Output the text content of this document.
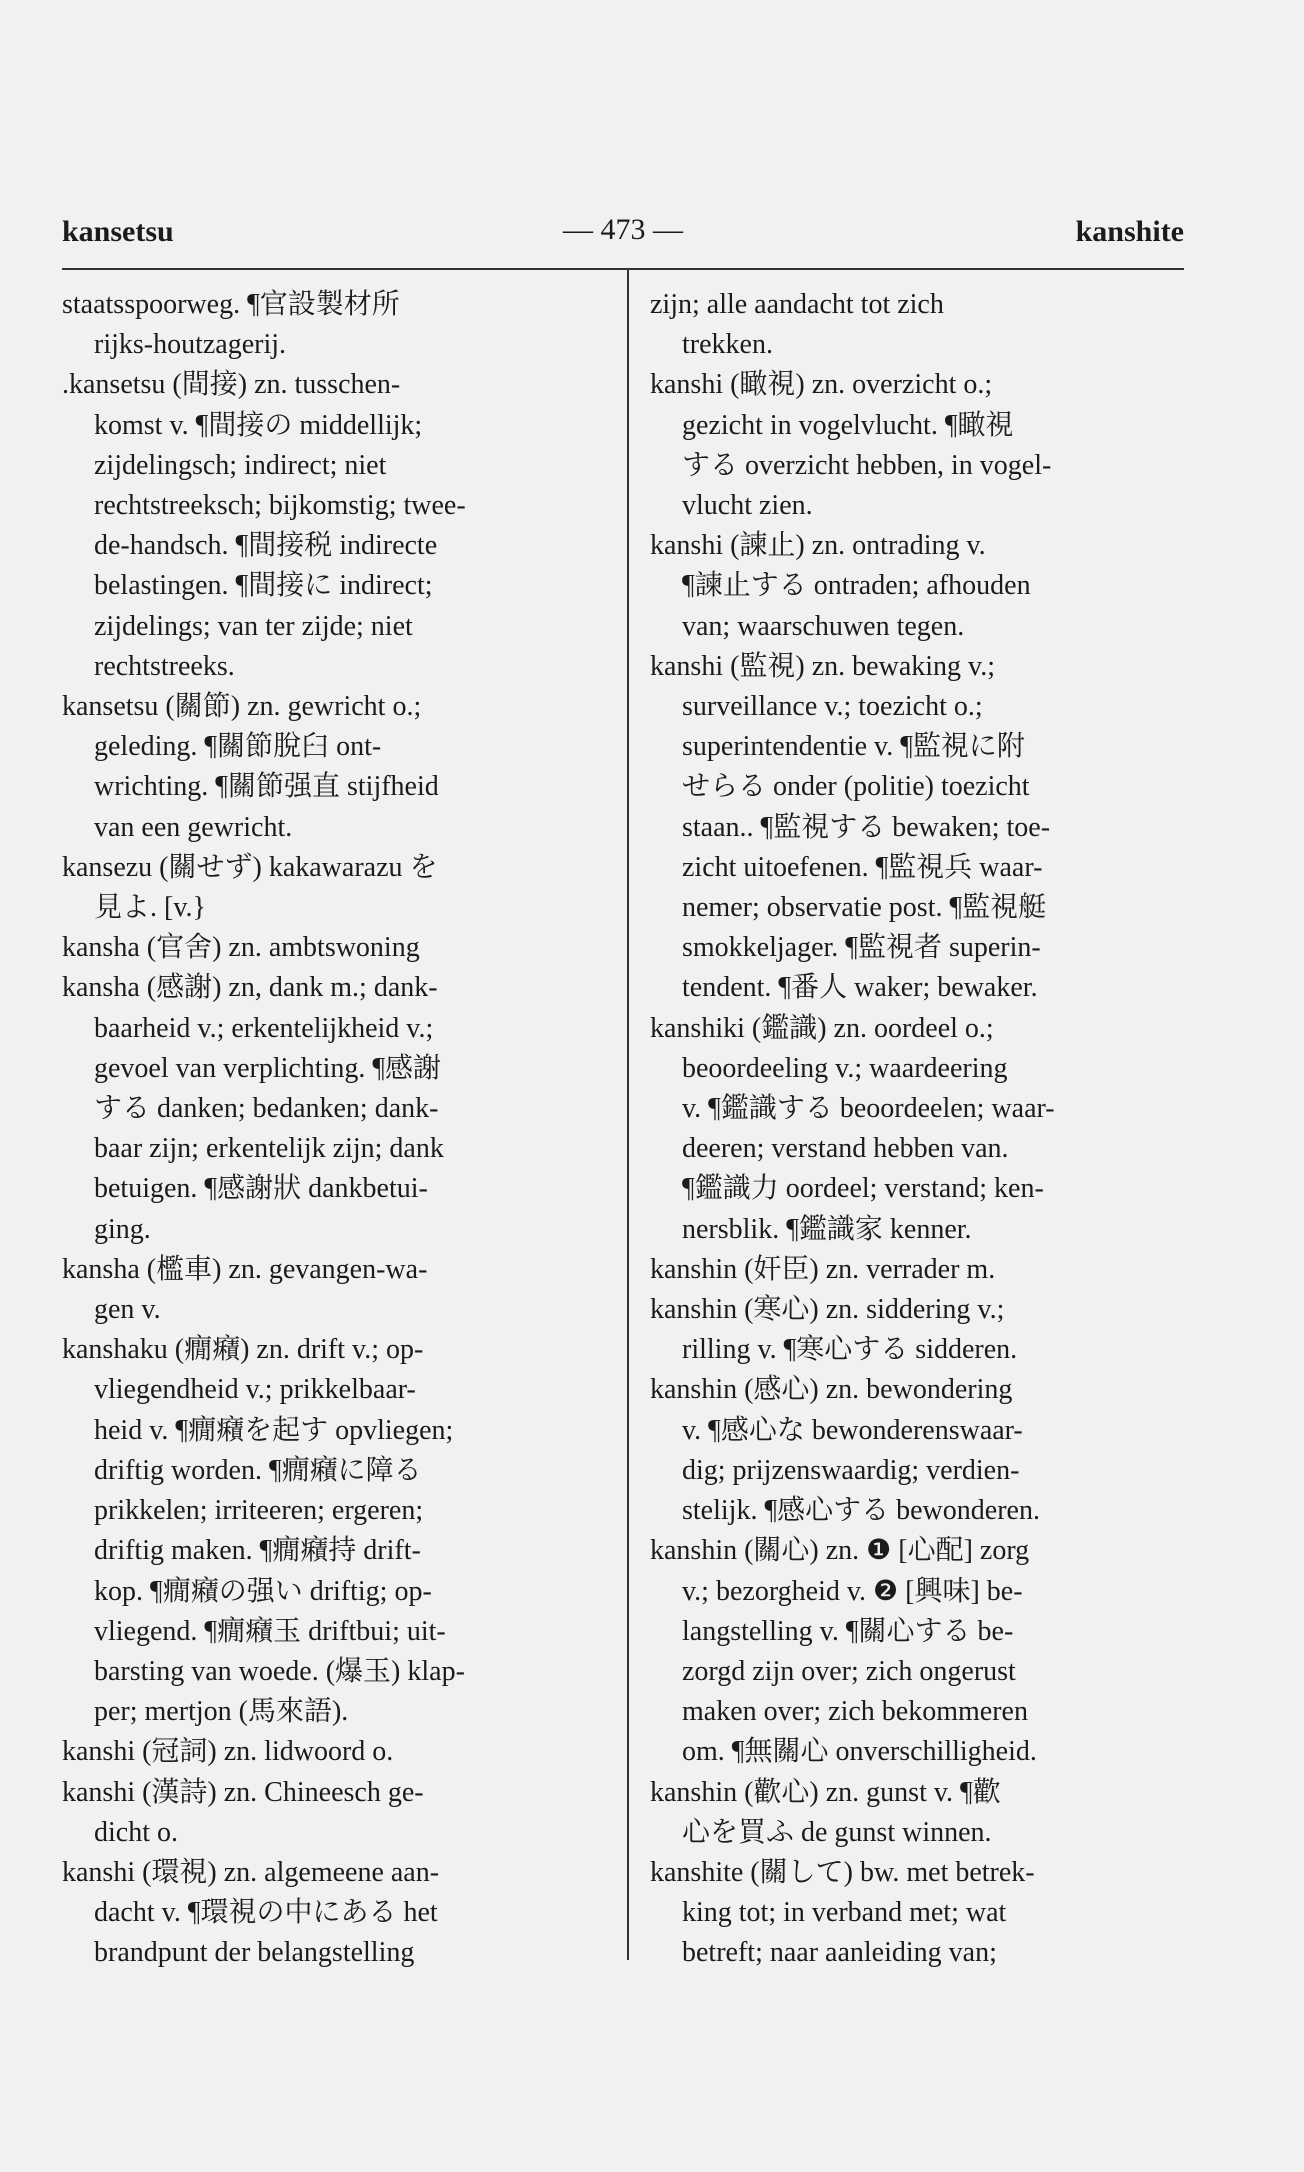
kansetsu	— 473 —	kanshite
staatsspoorweg. ¶官設製材所
rijks-houtzagerij.
.kansetsu (間接) zn. tusschen-
komst v. ¶間接の middellijk;
zijdelingsch; indirect; niet
rechtstreeksch; bijkomstig; twee-
de-handsch. ¶間接税 indirecte
belastingen. ¶間接に indirect;
zijdelings; van ter zijde; niet
rechtstreeks.
kansetsu (關節) zn. gewricht o.;
geleding. ¶關節脫臼 ont-
wrichting. ¶關節强直 stijfheid
van een gewricht.
kansezu (關せず) kakawarazu を
見よ. [v.}
kansha (官舍) zn. ambtswoning
kansha (感謝) zn, dank m.; dank-
baarheid v.; erkentelijkheid v.;
gevoel van verplichting. ¶感謝
する danken; bedanken; dank-
baar zijn; erkentelijk zijn; dank
betuigen. ¶感謝狀 dankbetui-
ging.
kansha (檻車) zn. gevangen-wa-
gen v.
kanshaku (癇癪) zn. drift v.; op-
vliegendheid v.; prikkelbaar-
heid v. ¶癇癪を起す opvliegen;
driftig worden. ¶癇癪に障る
prikkelen; irriteeren; ergeren;
driftig maken. ¶癇癪持 drift-
kop. ¶癇癪の强い driftig; op-
vliegend. ¶癇癪玉 driftbui; uit-
barsting van woede. (爆玉) klap-
per; mertjon (馬來語).
kanshi (冠詞) zn. lidwoord o.
kanshi (漢詩) zn. Chineesch ge-
dicht o.
kanshi (環視) zn. algemeene aan-
dacht v. ¶環視の中にある het
brandpunt der belangstelling
zijn; alle aandacht tot zich
trekken.
kanshi (瞰視) zn. overzicht o.;
gezicht in vogelvlucht. ¶瞰視
する overzicht hebben, in vogel-
vlucht zien.
kanshi (諫止) zn. ontrading v.
¶諫止する ontraden; afhouden
van; waarschuwen tegen.
kanshi (監視) zn. bewaking v.;
surveillance v.; toezicht o.;
superintendentie v. ¶監視に附
せらる onder (politie) toezicht
staan.. ¶監視する bewaken; toe-
zicht uitoefenen. ¶監視兵 waar-
nemer; observatie post. ¶監視艇
smokkeljager. ¶監視者 superin-
tendent. ¶番人 waker; bewaker.
kanshiki (鑑識) zn. oordeel o.;
beoordeeling v.; waardeering
v. ¶鑑識する beoordeelen; waar-
deeren; verstand hebben van.
¶鑑識力 oordeel; verstand; ken-
nersblik. ¶鑑識家 kenner.
kanshin (奸臣) zn. verrader m.
kanshin (寒心) zn. siddering v.;
rilling v. ¶寒心する sidderen.
kanshin (感心) zn. bewondering
v. ¶感心な bewonderenswaar-
dig; prijzenswaardig; verdien-
stelijk. ¶感心する bewonderen.
kanshin (關心) zn. ❶ [心配] zorg
v.; bezorgheid v. ❷ [興味] be-
langstelling v. ¶關心する be-
zorgd zijn over; zich ongerust
maken over; zich bekommeren
om. ¶無關心 onverschilligheid.
kanshin (歡心) zn. gunst v. ¶歡
心を買ふ de gunst winnen.
kanshite (關して) bw. met betrek-
king tot; in verband met; wat
betreft; naar aanleiding van;
